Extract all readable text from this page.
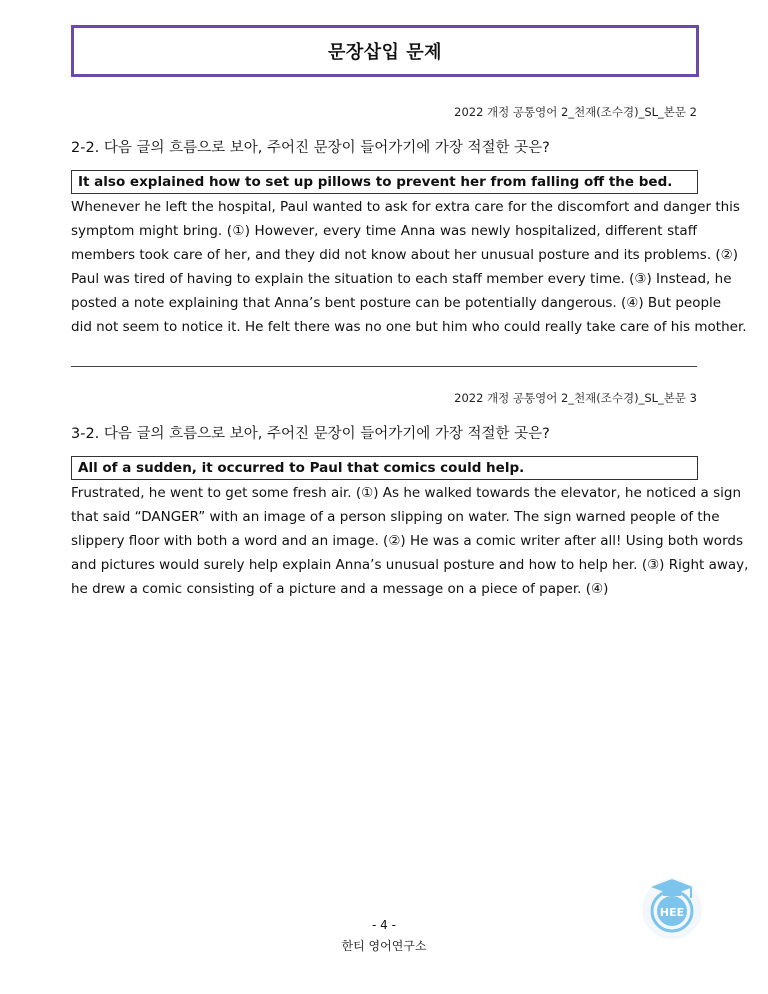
문장삽입 문제
2022 개정 공통영어 2_천재(조수경)_SL_본문 2
2-2. 다음 글의 흐름으로 보아, 주어진 문장이 들어가기에 가장 적절한 곳은?
It also explained how to set up pillows to prevent her from falling off the bed.
Whenever he left the hospital, Paul wanted to ask for extra care for the discomfort and danger this
symptom might bring. (①) However, every time Anna was newly hospitalized, different staff
members took care of her, and they did not know about her unusual posture and its problems. (②)
Paul was tired of having to explain the situation to each staff member every time. (③) Instead, he
posted a note explaining that Anna’s bent posture can be potentially dangerous. (④) But people
did not seem to notice it. He felt there was no one but him who could really take care of his mother.
2022 개정 공통영어 2_천재(조수경)_SL_본문 3
3-2. 다음 글의 흐름으로 보아, 주어진 문장이 들어가기에 가장 적절한 곳은?
All of a sudden, it occurred to Paul that comics could help.
Frustrated, he went to get some fresh air. (①) As he walked towards the elevator, he noticed a sign
that said “DANGER” with an image of a person slipping on water. The sign warned people of the
slippery floor with both a word and an image. (②) He was a comic writer after all! Using both words
and pictures would surely help explain Anna’s unusual posture and how to help her. (③) Right away,
he drew a comic consisting of a picture and a message on a piece of paper. (④)
HEE
- 4 -
한티 영어연구소
